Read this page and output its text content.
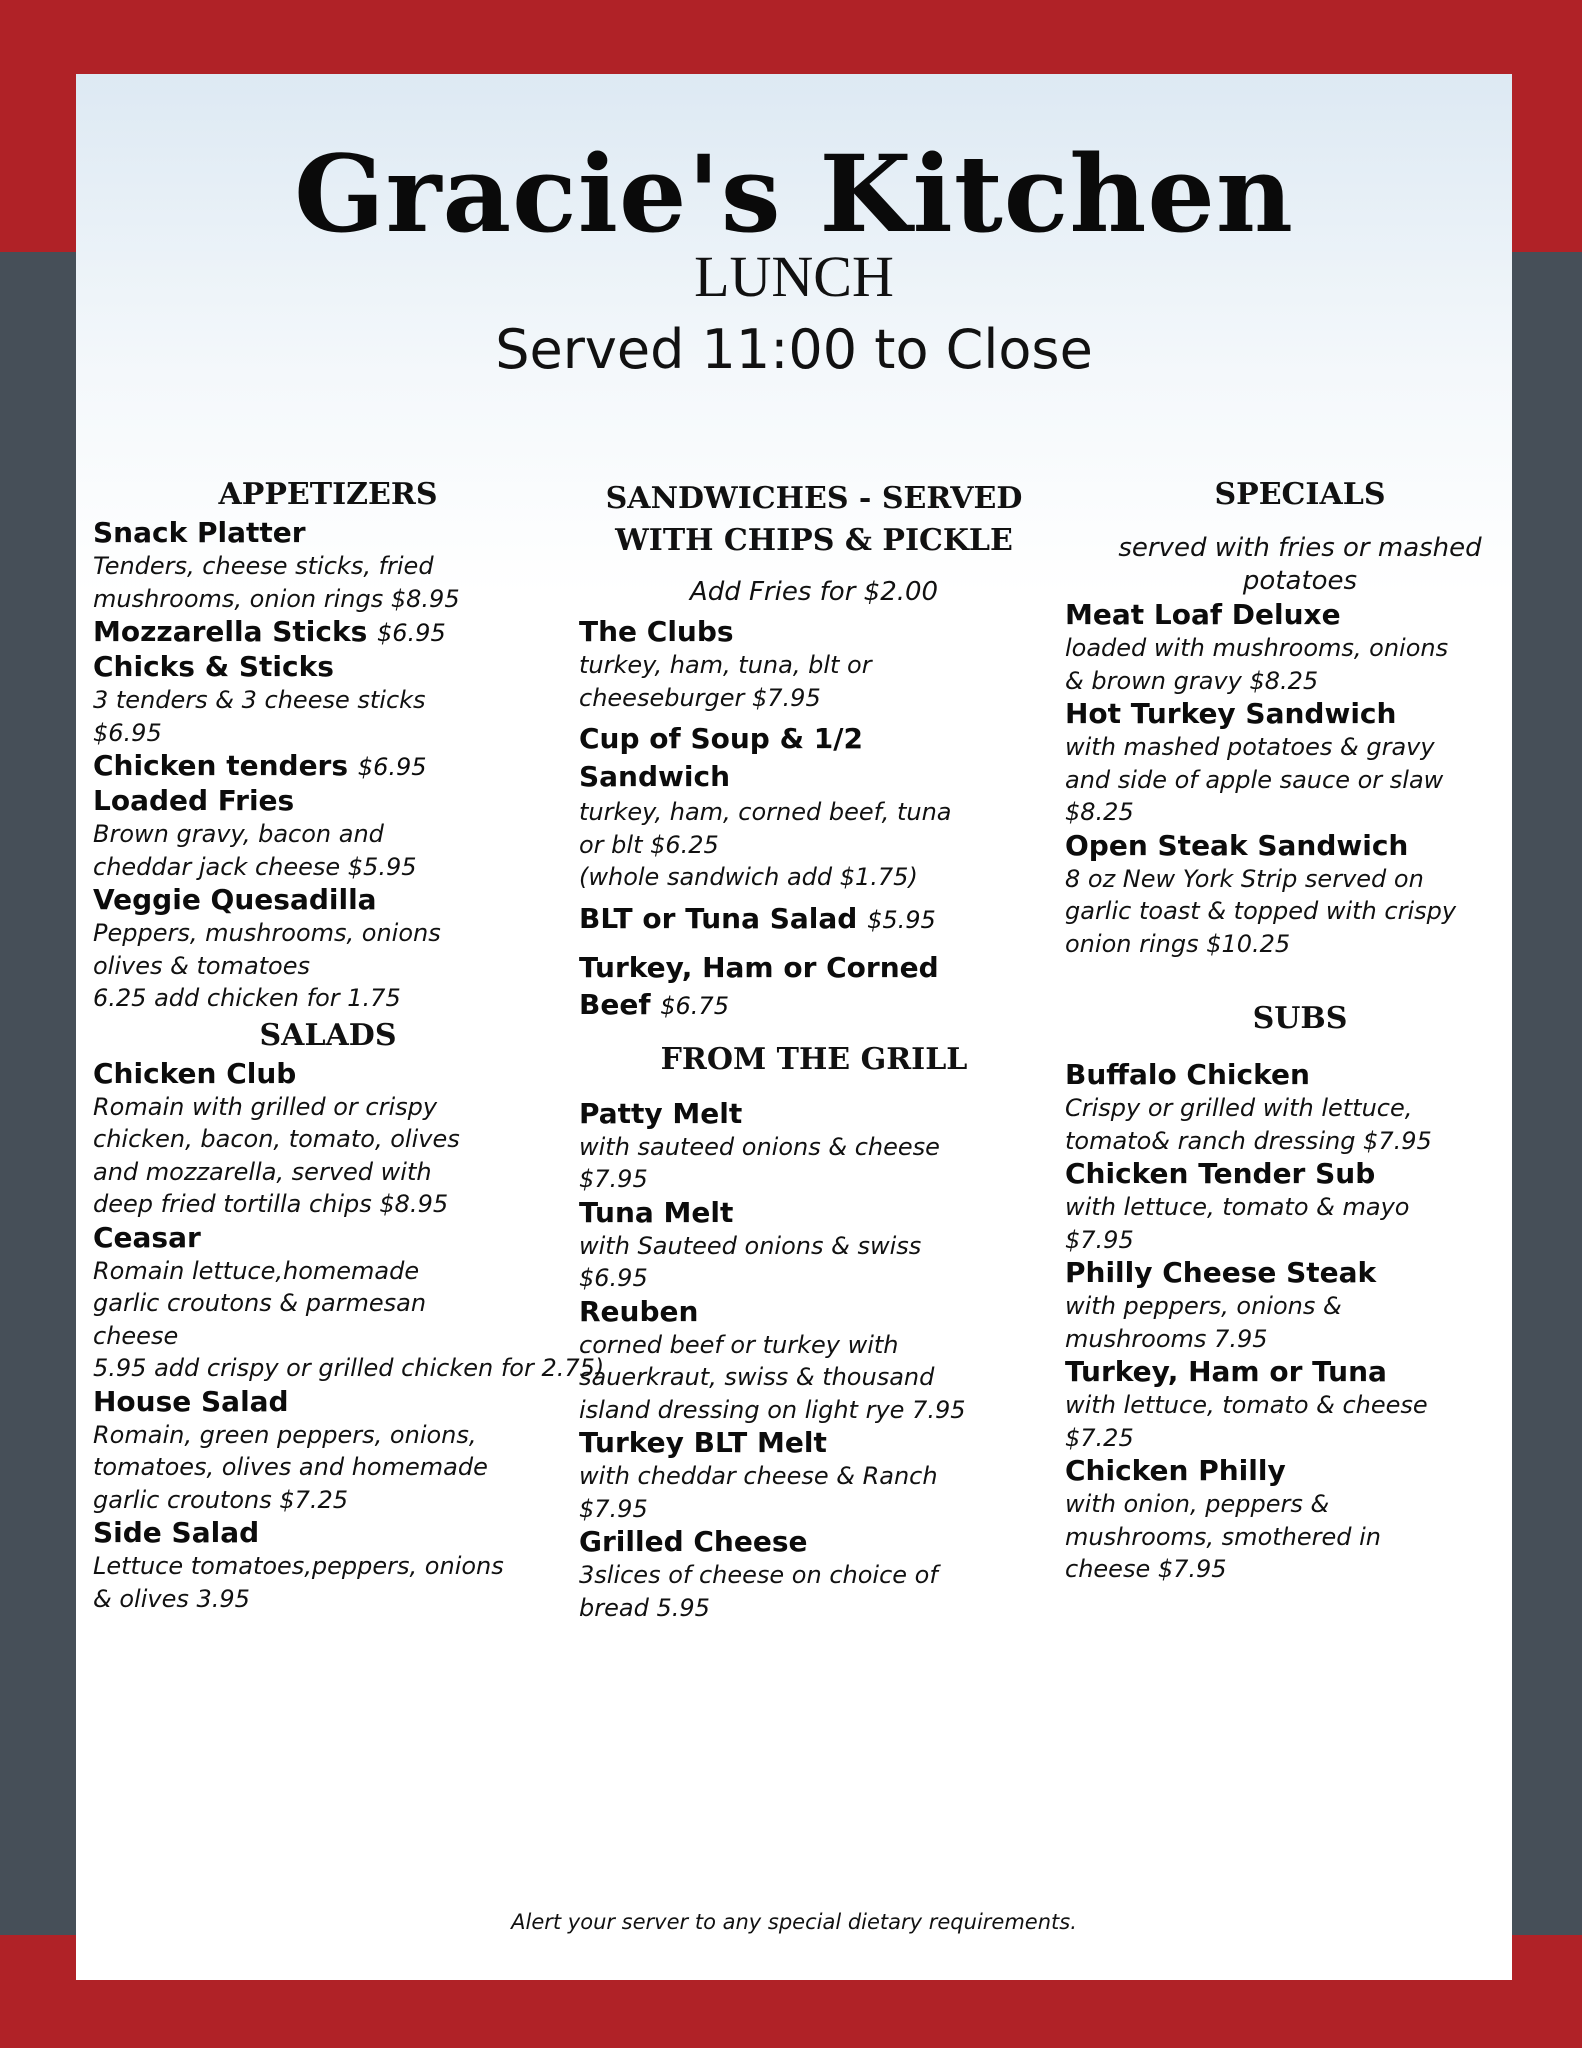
Gracie's Kitchen
LUNCH
Served 11:00 to Close
APPETIZERS
Snack Platter
Tenders, cheese sticks, fried
mushrooms, onion rings $8.95
Mozzarella Sticks $6.95
Chicks & Sticks
3 tenders & 3 cheese sticks
$6.95
Chicken tenders $6.95
Loaded Fries
Brown gravy, bacon and
cheddar jack cheese $5.95
Veggie Quesadilla
Peppers, mushrooms, onions
olives & tomatoes
6.25 add chicken for 1.75
SALADS
Chicken Club
Romain with grilled or crispy
chicken, bacon, tomato, olives
and mozzarella, served with
deep fried tortilla chips $8.95
Ceasar
Romain lettuce,homemade
garlic croutons & parmesan
cheese
5.95 add crispy or grilled chicken for 2.75)
House Salad
Romain, green peppers, onions,
tomatoes, olives and homemade
garlic croutons $7.25
Side Salad
Lettuce tomatoes,peppers, onions
& olives 3.95
SANDWICHES - SERVED
WITH CHIPS & PICKLE
Add Fries for $2.00
The Clubs
turkey, ham, tuna, blt or
cheeseburger $7.95
Cup of Soup & 1/2
Sandwich
turkey, ham, corned beef, tuna
or blt $6.25
(whole sandwich add $1.75)
BLT or Tuna Salad $5.95
Turkey, Ham or Corned
Beef $6.75
FROM THE GRILL
Patty Melt
with sauteed onions & cheese
$7.95
Tuna Melt
with Sauteed onions & swiss
$6.95
Reuben
corned beef or turkey with
sauerkraut, swiss & thousand
island dressing on light rye 7.95
Turkey BLT Melt
with cheddar cheese & Ranch
$7.95
Grilled Cheese
3slices of cheese on choice of
bread 5.95
SPECIALS
served with fries or mashed
potatoes
Meat Loaf Deluxe
loaded with mushrooms, onions
& brown gravy $8.25
Hot Turkey Sandwich
with mashed potatoes & gravy
and side of apple sauce or slaw
$8.25
Open Steak Sandwich
8 oz New York Strip served on
garlic toast & topped with crispy
onion rings $10.25
SUBS
Buffalo Chicken
Crispy or grilled with lettuce,
tomato& ranch dressing $7.95
Chicken Tender Sub
with lettuce, tomato & mayo
$7.95
Philly Cheese Steak
with peppers, onions &
mushrooms 7.95
Turkey, Ham or Tuna
with lettuce, tomato & cheese
$7.25
Chicken Philly
with onion, peppers &
mushrooms, smothered in
cheese $7.95
Alert your server to any special dietary requirements.
